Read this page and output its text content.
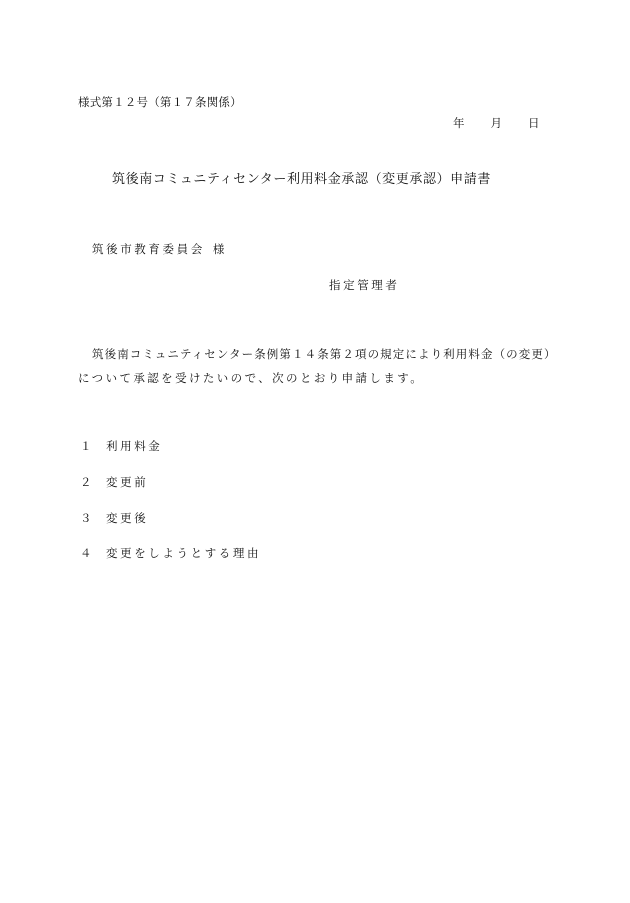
様式第１２号（第１７条関係）
年 月 日
筑後南コミュニティセンター利用料金承認（変更承認）申請書
筑後市教育委員会 様
指定管理者
筑後南コミュニティセンター条例第１４条第２項の規定により利用料金（の変更）
について承認を受けたいので、次のとおり申請します。
１ 利用料金
２ 変更前
３ 変更後
４ 変更をしようとする理由
